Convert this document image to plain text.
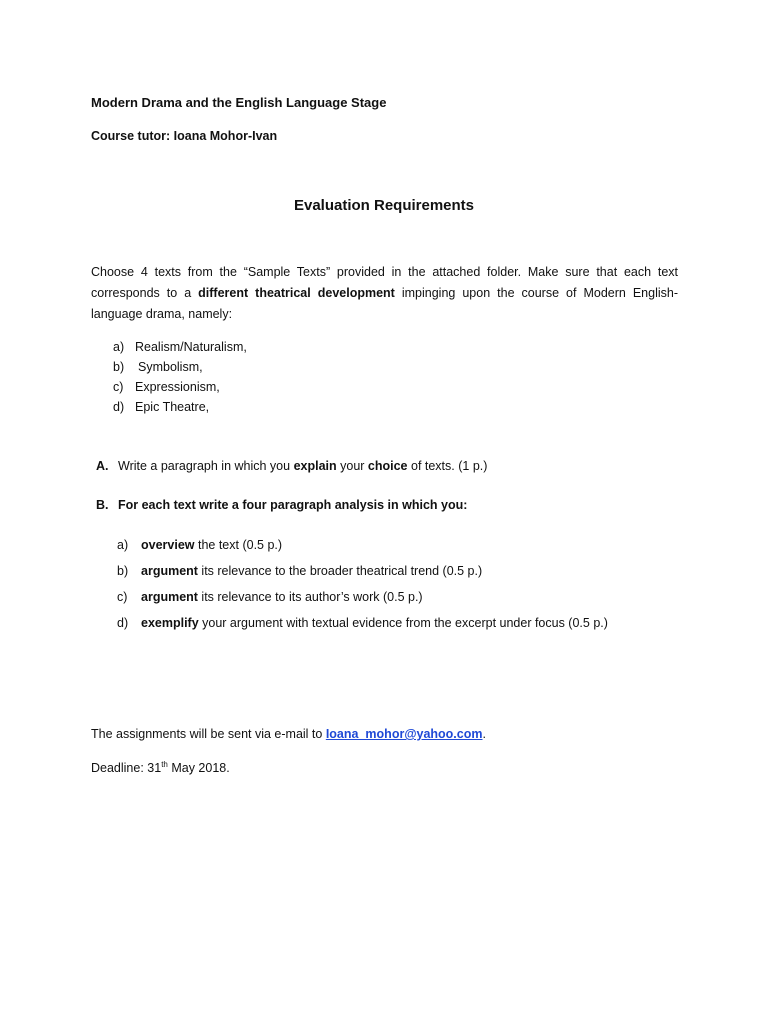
Modern Drama and the English Language Stage
Course tutor: Ioana Mohor-Ivan
Evaluation Requirements
Choose 4 texts from the “Sample Texts” provided in the attached folder. Make sure that each text corresponds to a different theatrical development impinging upon the course of Modern English-language drama, namely:
a) Realism/Naturalism,
b)	Symbolism,
c) Expressionism,
d) Epic Theatre,
A. Write a paragraph in which you explain your choice of texts. (1 p.)
B. For each text write a four paragraph analysis in which you:
a)	overview the text (0.5 p.)
b)	argument its relevance to the broader theatrical trend (0.5 p.)
c)	argument its relevance to its author’s work (0.5 p.)
d)	exemplify your argument with textual evidence from the excerpt under focus (0.5 p.)
The assignments will be sent via e-mail to Ioana_mohor@yahoo.com.
Deadline: 31th May 2018.
